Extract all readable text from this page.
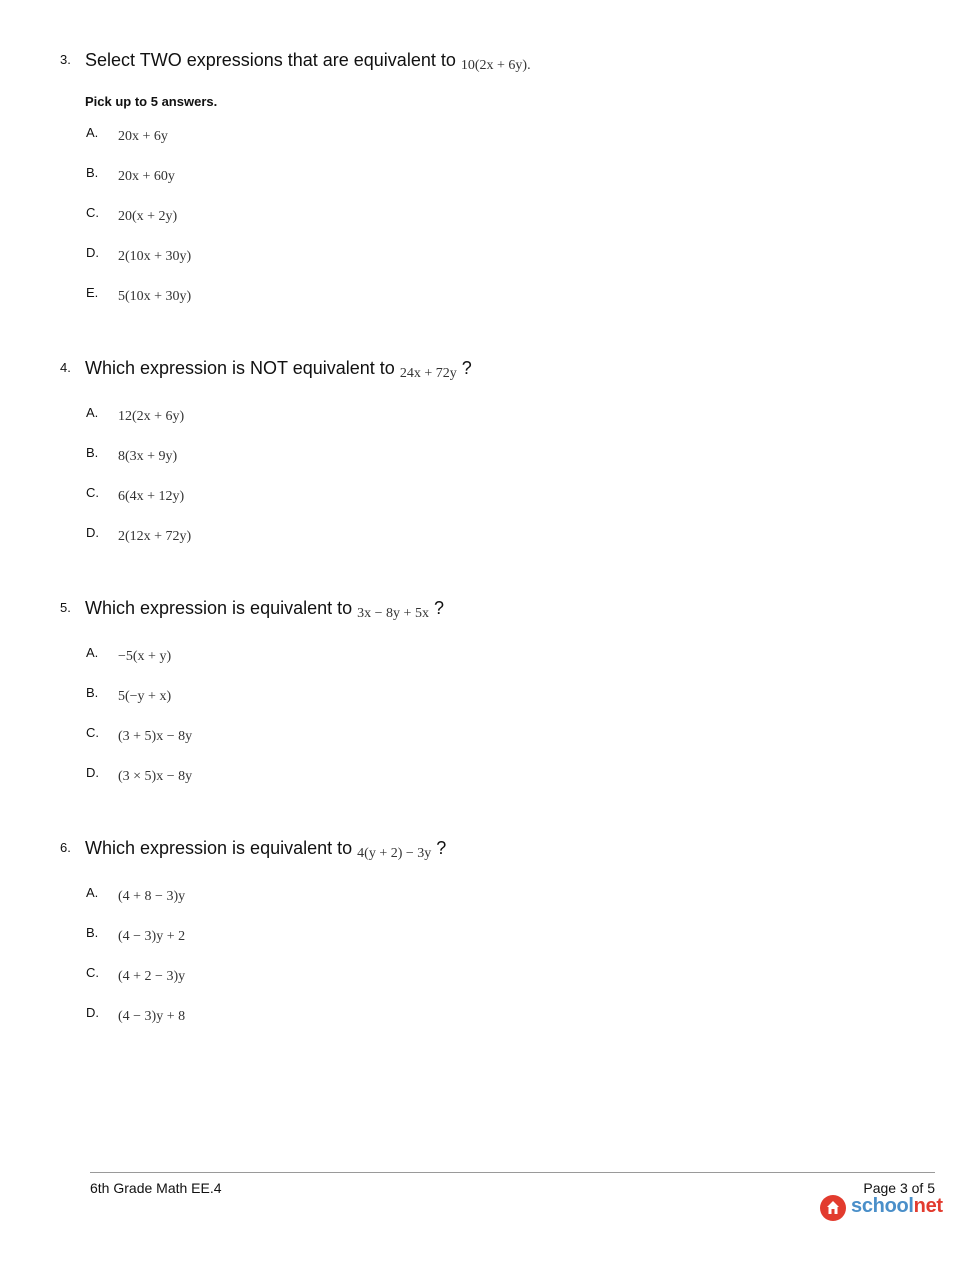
3. Select TWO expressions that are equivalent to 10(2x + 6y).
Pick up to 5 answers.
A. 20x + 6y
B. 20x + 60y
C. 20(x + 2y)
D. 2(10x + 30y)
E. 5(10x + 30y)
4. Which expression is NOT equivalent to 24x + 72y ?
A. 12(2x + 6y)
B. 8(3x + 9y)
C. 6(4x + 12y)
D. 2(12x + 72y)
5. Which expression is equivalent to 3x − 8y + 5x ?
A. −5(x + y)
B. 5(−y + x)
C. (3 + 5)x − 8y
D. (3 × 5)x − 8y
6. Which expression is equivalent to 4(y + 2) − 3y ?
A. (4 + 8 − 3)y
B. (4 − 3)y + 2
C. (4 + 2 − 3)y
D. (4 − 3)y + 8
6th Grade Math EE.4	Page 3 of 5
schoolnet
